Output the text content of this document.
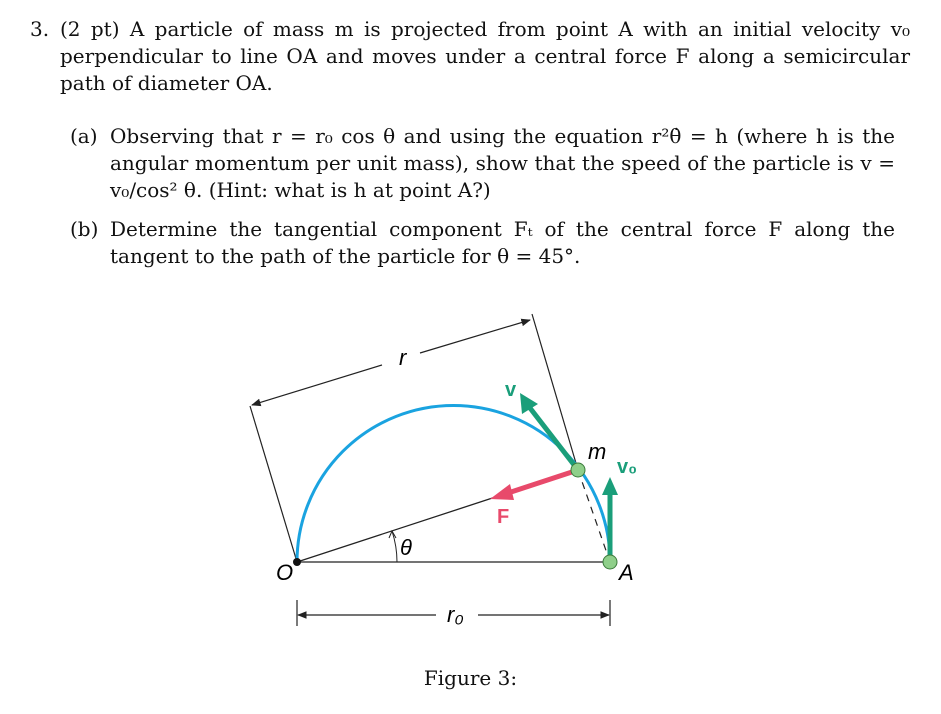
3. (2 pt) A particle of mass m is projected from point A with an initial velocity v₀ perpendicular to line OA and moves under a central force F along a semicircular path of diameter OA.
(a) Observing that r = r₀ cos θ and using the equation r²θ̇ = h (where h is the angular momentum per unit mass), show that the speed of the particle is v = v₀/cos² θ. (Hint: what is h at point A?)
(b) Determine the tangential component Fₜ of the central force F along the tangent to the path of the particle for θ = 45°.
r
θ
F
v
v₀
m
O	A
r₀
Figure 3:
